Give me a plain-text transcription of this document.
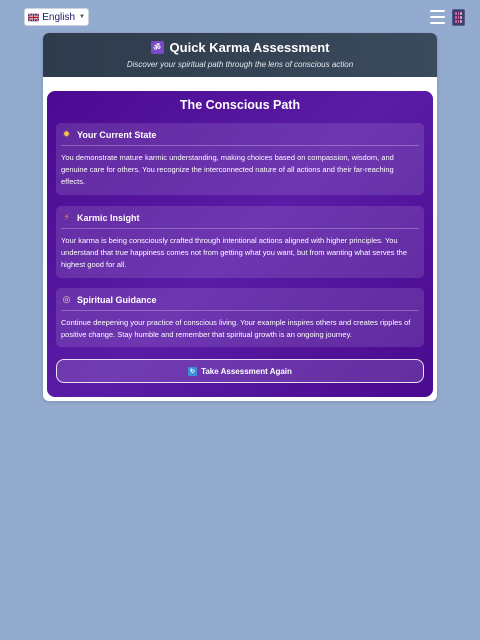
English ▼
ॐ Quick Karma Assessment
Discover your spiritual path through the lens of conscious action
The Conscious Path
✹ Your Current State
You demonstrate mature karmic understanding, making choices based on compassion, wisdom, and genuine care for others. You recognize the interconnected nature of all actions and their far-reaching effects.
⚡ Karmic Insight
Your karma is being consciously crafted through intentional actions aligned with higher principles. You understand that true happiness comes not from getting what you want, but from wanting what serves the highest good for all.
◎ Spiritual Guidance
Continue deepening your practice of conscious living. Your example inspires others and creates ripples of positive change. Stay humble and remember that spiritual growth is an ongoing journey.
↻ Take Assessment Again
